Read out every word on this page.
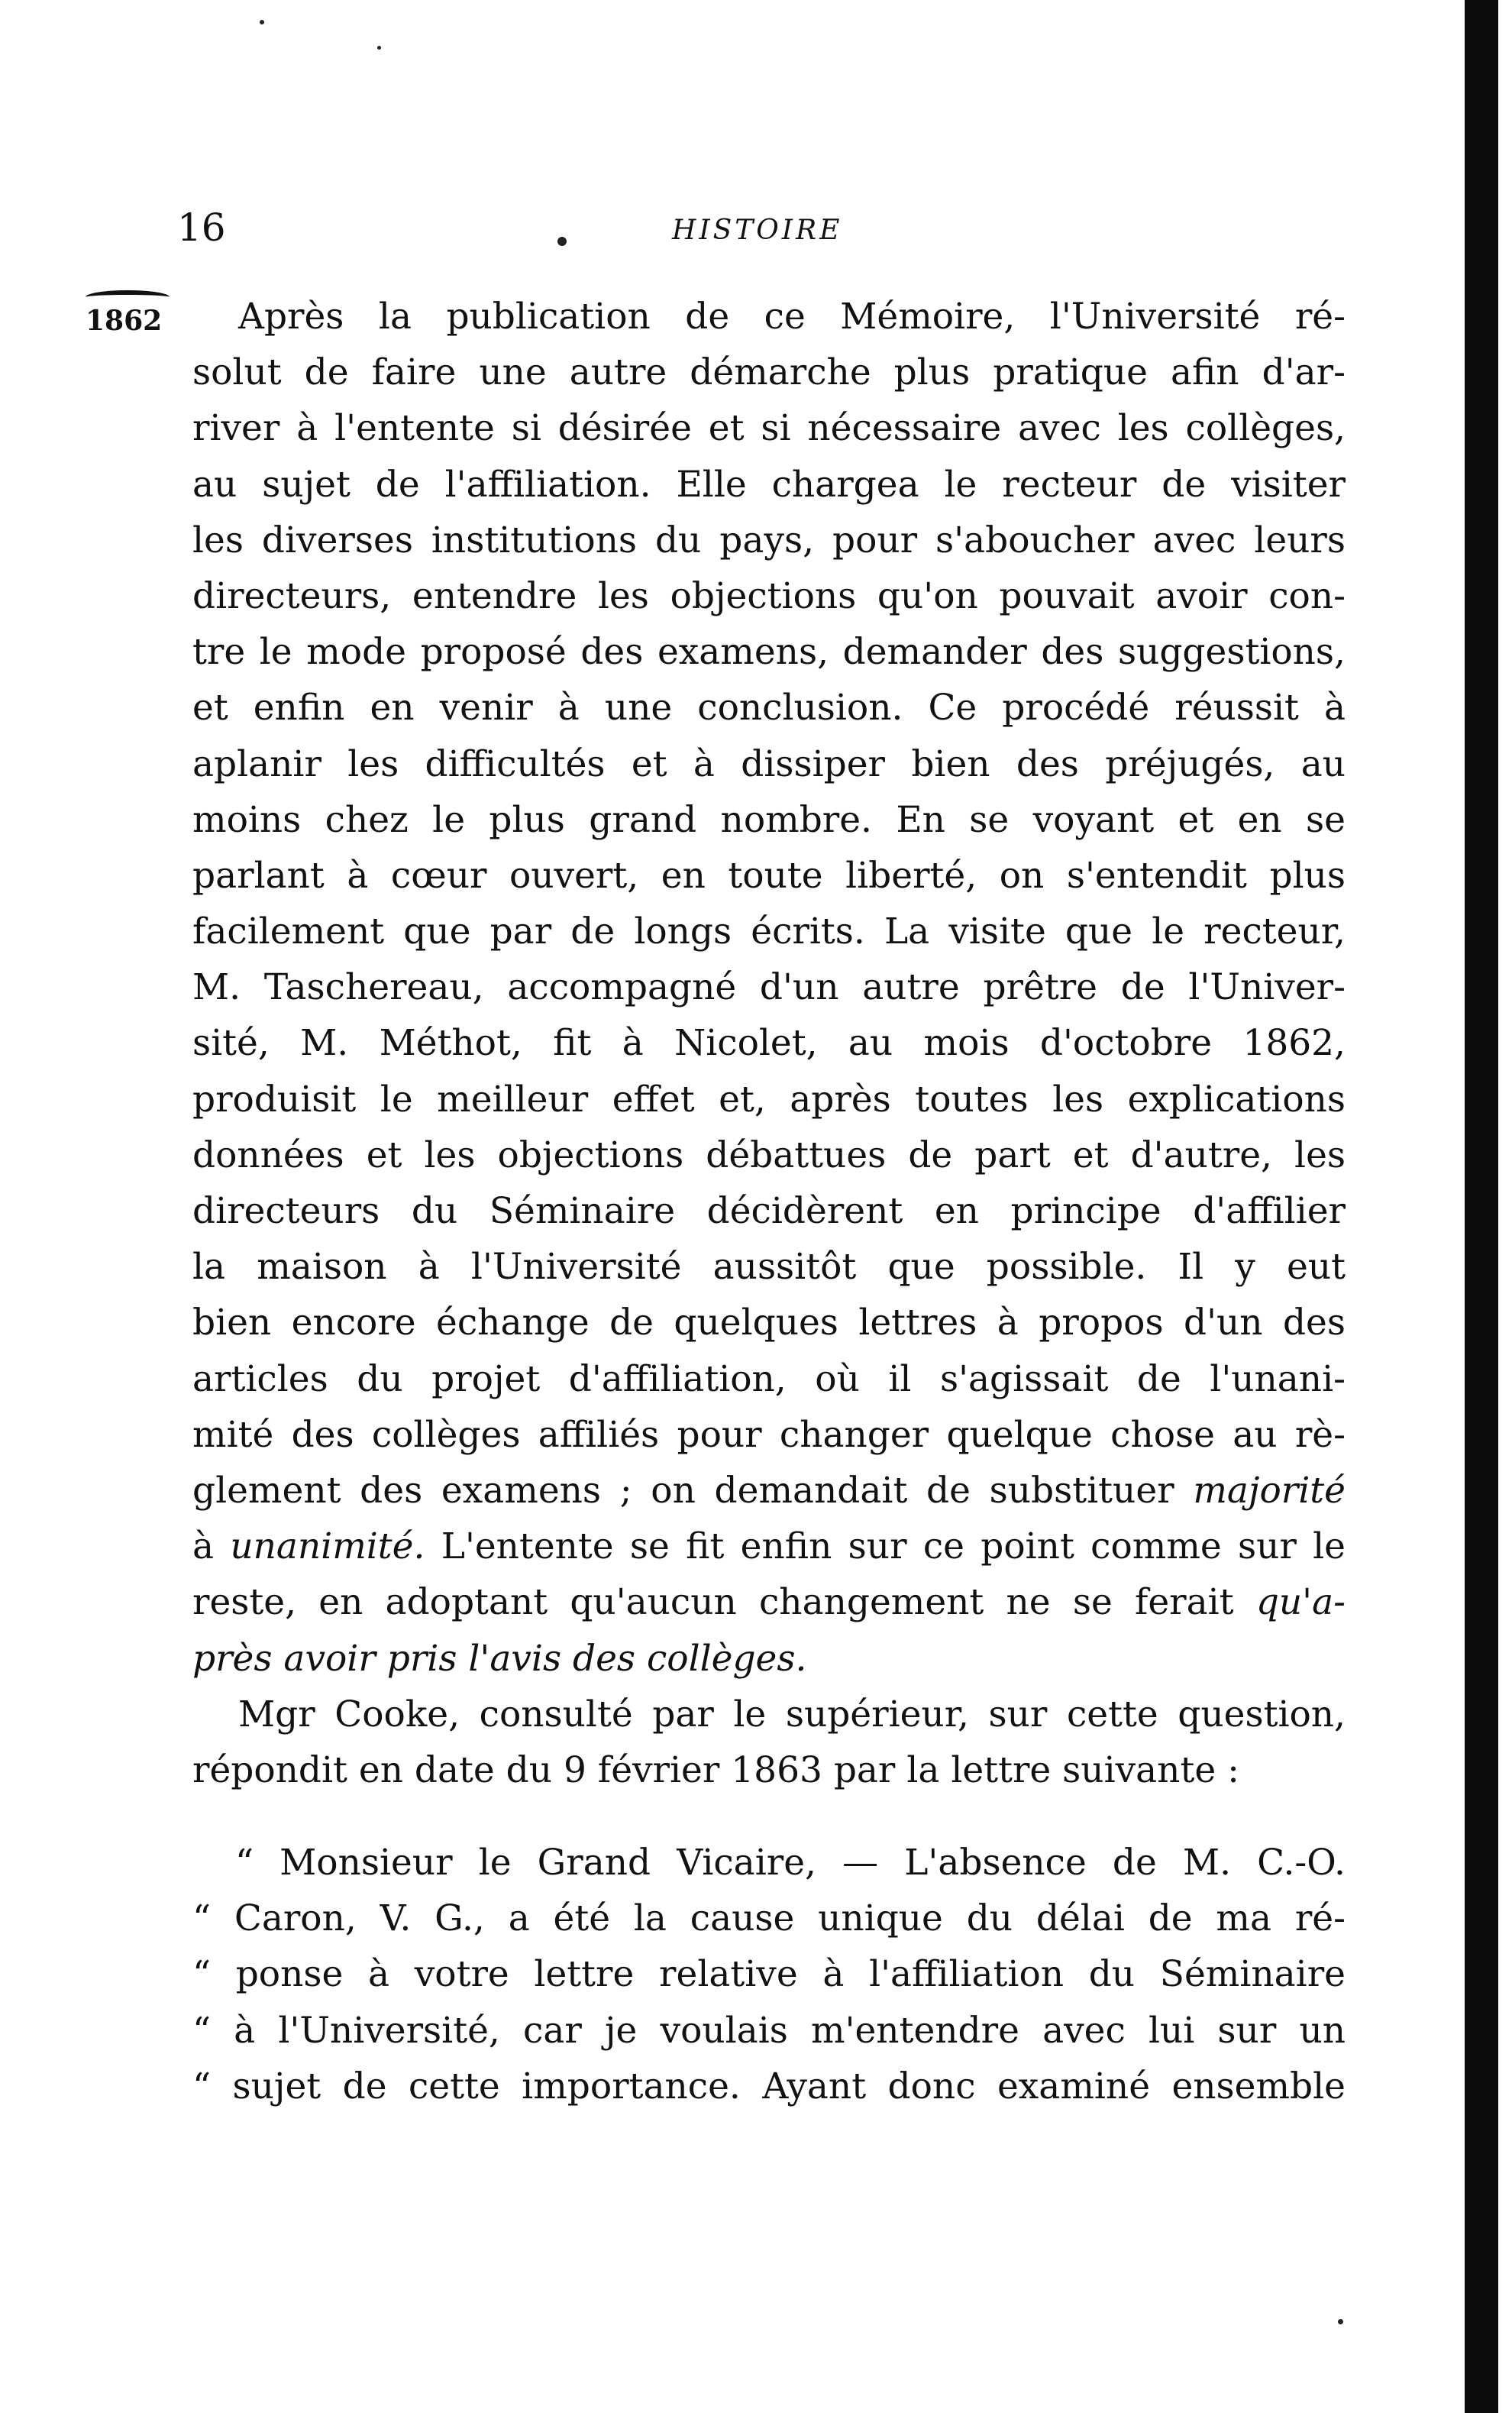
16	HISTOIRE
1862	Après la publication de ce Mémoire, l'Université ré-
solut de faire une autre démarche plus pratique afin d'ar-
river à l'entente si désirée et si nécessaire avec les collèges,
au sujet de l'affiliation. Elle chargea le recteur de visiter
les diverses institutions du pays, pour s'aboucher avec leurs
directeurs, entendre les objections qu'on pouvait avoir con-
tre le mode proposé des examens, demander des suggestions,
et enfin en venir à une conclusion. Ce procédé réussit à
aplanir les difficultés et à dissiper bien des préjugés, au
moins chez le plus grand nombre. En se voyant et en se
parlant à cœur ouvert, en toute liberté, on s'entendit plus
facilement que par de longs écrits. La visite que le recteur,
M. Taschereau, accompagné d'un autre prêtre de l'Univer-
sité, M. Méthot, fit à Nicolet, au mois d'octobre 1862,
produisit le meilleur effet et, après toutes les explications
données et les objections débattues de part et d'autre, les
directeurs du Séminaire décidèrent en principe d'affilier
la maison à l'Université aussitôt que possible. Il y eut
bien encore échange de quelques lettres à propos d'un des
articles du projet d'affiliation, où il s'agissait de l'unani-
mité des collèges affiliés pour changer quelque chose au rè-
glement des examens ; on demandait de substituer majorité
à unanimité. L'entente se fit enfin sur ce point comme sur le
reste, en adoptant qu'aucun changement ne se ferait qu'a-
près avoir pris l'avis des collèges.
Mgr Cooke, consulté par le supérieur, sur cette question,
répondit en date du 9 février 1863 par la lettre suivante :
“ Monsieur le Grand Vicaire, — L'absence de M. C.-O.
“ Caron, V. G., a été la cause unique du délai de ma ré-
“ ponse à votre lettre relative à l'affiliation du Séminaire
“ à l'Université, car je voulais m'entendre avec lui sur un
“ sujet de cette importance. Ayant donc examiné ensemble
